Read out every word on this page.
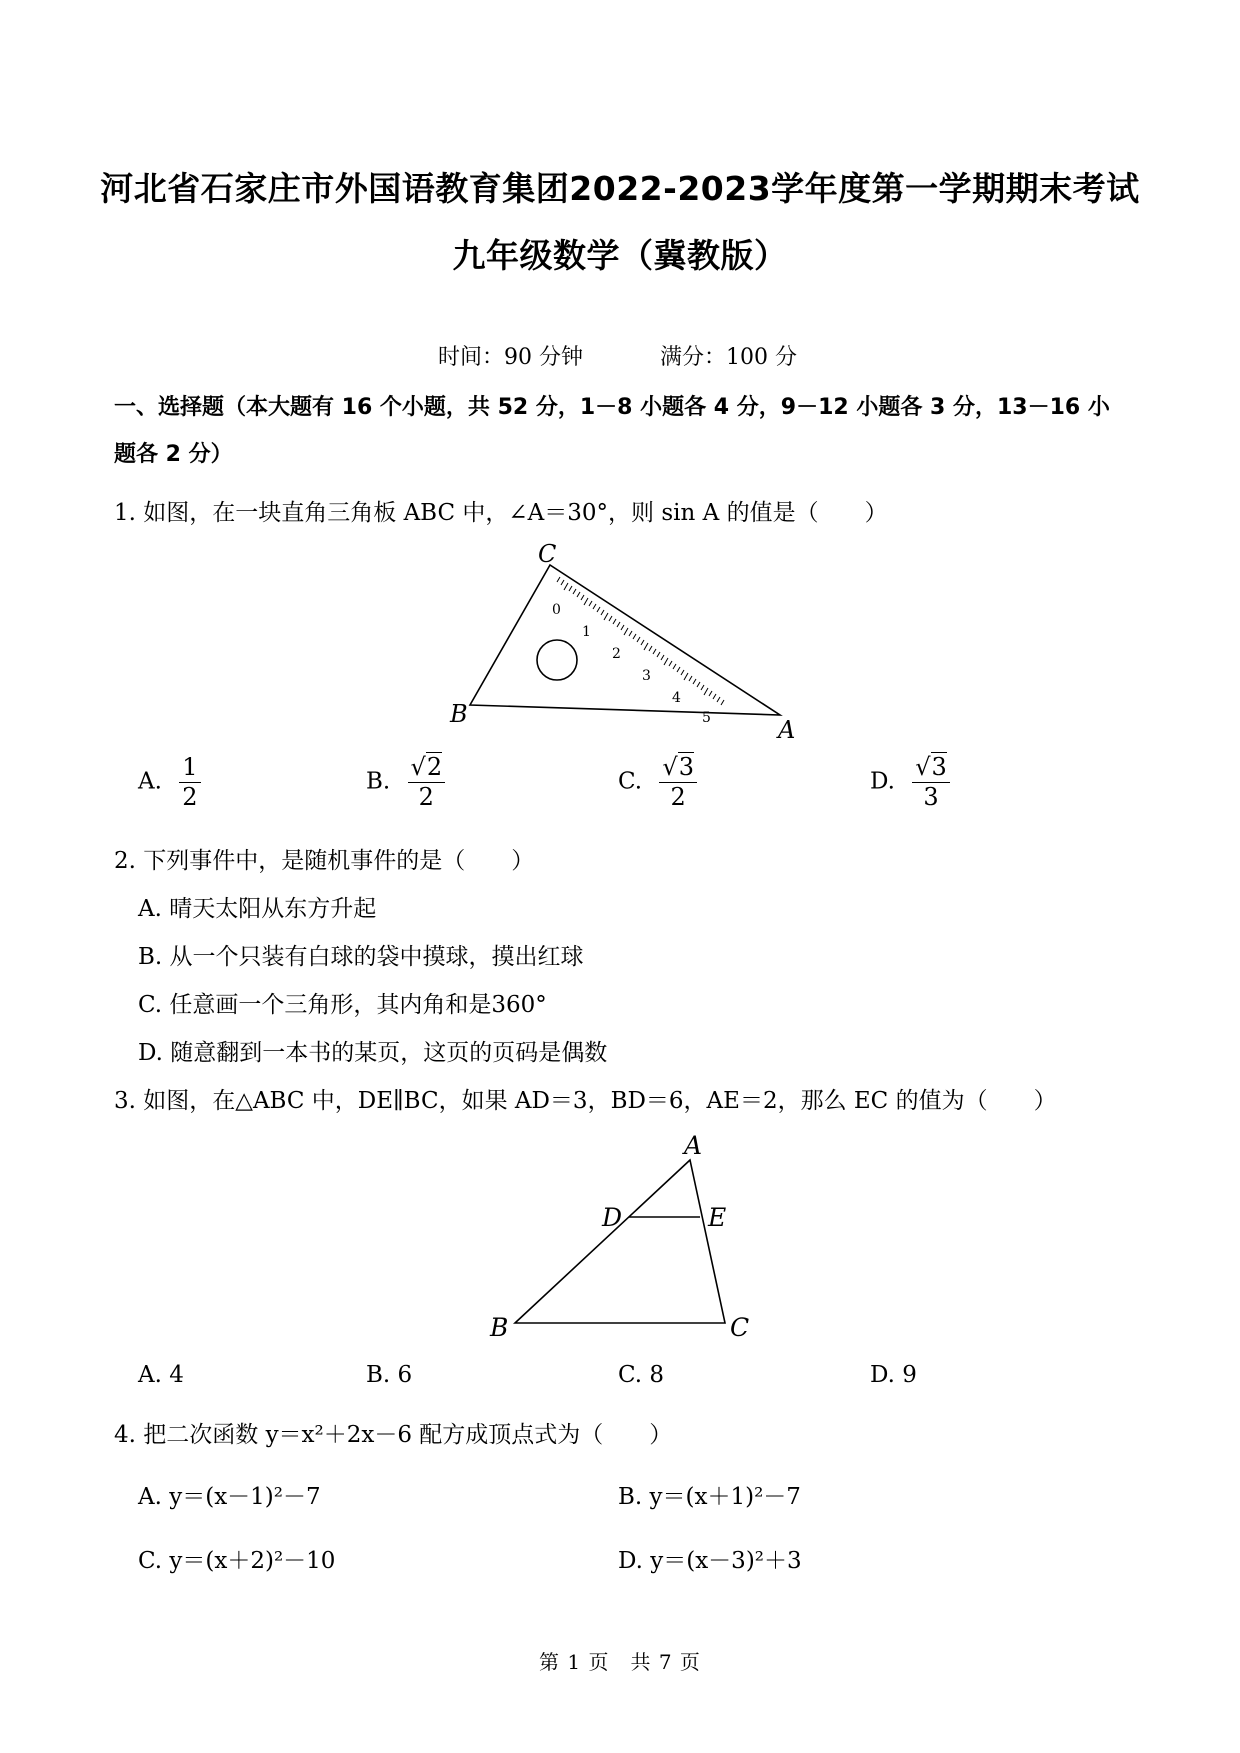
河北省石家庄市外国语教育集团2022-2023学年度第一学期期末考试
九年级数学（冀教版）
时间：90 分钟	满分：100 分
一、选择题（本大题有 16 个小题，共 52 分，1－8 小题各 4 分，9－12 小题各 3 分，13－16 小
题各 2 分）
1. 如图，在一块直角三角板 ABC 中，∠A＝30°，则 sin A 的值是（　　）
0
1
2
3
4
5
C
B
A
A. $\frac{1}{2}$	B. $\frac{√2}{2}$	C. $\frac{√3}{2}$	D. $\frac{√3}{3}$
2. 下列事件中，是随机事件的是（　　）
A. 晴天太阳从东方升起
B. 从一个只装有白球的袋中摸球，摸出红球
C. 任意画一个三角形，其内角和是360°
D. 随意翻到一本书的某页，这页的页码是偶数
3. 如图，在△ABC 中，DE∥BC，如果 AD＝3，BD＝6，AE＝2，那么 EC 的值为（　　）
A
D	E
B	C
A. 4	B. 6	C. 8	D. 9
4. 把二次函数 y＝x²＋2x－6 配方成顶点式为（　　）
A. y＝(x－1)²－7	B. y＝(x＋1)²－7
C. y＝(x＋2)²－10	D. y＝(x－3)²＋3
第 1 页　共 7 页
